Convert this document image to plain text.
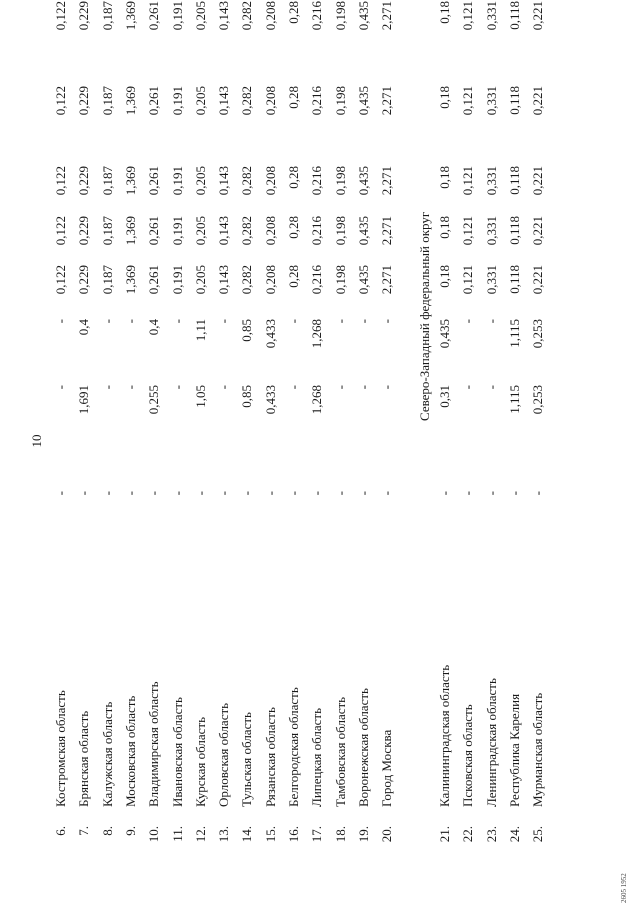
10
6.
Костромская область
-
-
-
0,122
0,122
0,122
0,122
0,122
7.
Брянская область
-
1,691
0,4
0,229
0,229
0,229
0,229
0,229
8.
Калужская область
-
-
-
0,187
0,187
0,187
0,187
0,187
9.
Московская область
-
-
-
1,369
1,369
1,369
1,369
1,369
10.
Владимирская область
-
0,255
0,4
0,261
0,261
0,261
0,261
0,261
11.
Ивановская область
-
-
-
0,191
0,191
0,191
0,191
0,191
12.
Курская область
-
1,05
1,11
0,205
0,205
0,205
0,205
0,205
13.
Орловская область
-
-
-
0,143
0,143
0,143
0,143
0,143
14.
Тульская область
-
0,85
0,85
0,282
0,282
0,282
0,282
0,282
15.
Рязанская область
-
0,433
0,433
0,208
0,208
0,208
0,208
0,208
16.
Белгородская область
-
-
-
0,28
0,28
0,28
0,28
0,28
17.
Липецкая область
-
1,268
1,268
0,216
0,216
0,216
0,216
0,216
18.
Тамбовская область
-
-
-
0,198
0,198
0,198
0,198
0,198
19.
Воронежская область
-
-
-
0,435
0,435
0,435
0,435
0,435
20.
Город Москва
-
-
-
2,271
2,271
2,271
2,271
2,271
21.
Калининградская область
-
0,31
0,435
0,18
0,18
0,18
0,18
0,18
22.
Псковская область
-
-
-
0,121
0,121
0,121
0,121
0,121
23.
Ленинградская область
-
-
-
0,331
0,331
0,331
0,331
0,331
24.
Республика Карелия
-
1,115
1,115
0,118
0,118
0,118
0,118
0,118
25.
Мурманская область
-
0,253
0,253
0,221
0,221
0,221
0,221
0,221
Северо-Западный федеральный округ
2605 1952
